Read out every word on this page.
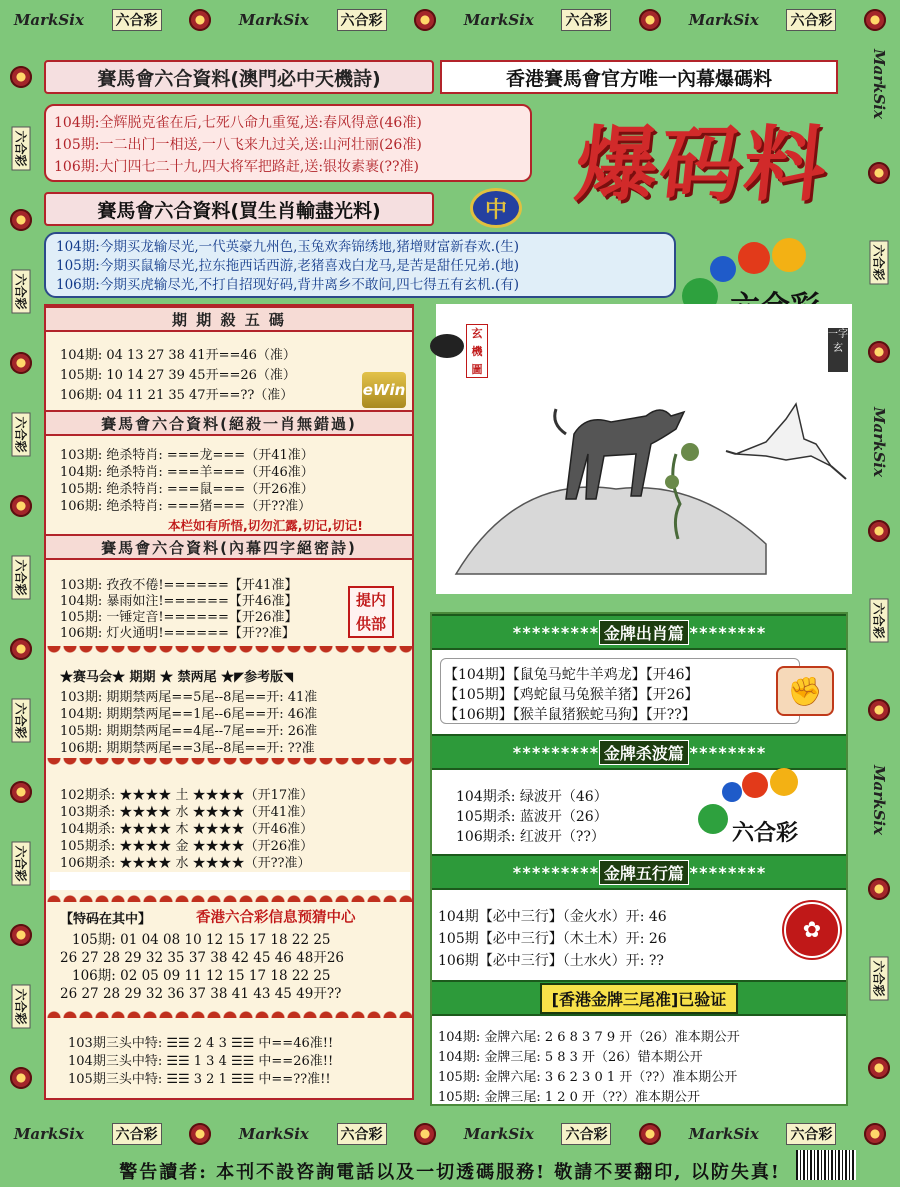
MarkSix 六合彩	MarkSix 六合彩	MarkSix 六合彩	MarkSix 六合彩
MarkSix 六合彩	MarkSix 六合彩	MarkSix 六合彩	MarkSix 六合彩
六合彩
六合彩
六合彩
六合彩
六合彩
六合彩
六合彩
MarkSix
六合彩
MarkSix
六合彩
MarkSix
六合彩
賽馬會六合資料(澳門必中天機詩)	香港賽馬會官方唯一內幕爆碼料
104期:全辉脱克雀在后,七死八命九重冤,送:春风得意(46准)
105期:一二出门一相送,一八飞来九过关,送:山河壮丽(26准)
106期:大门四七二十九,四大将军把路赶,送:银妆素裹(??准)	爆码料
賽馬會六合資料(買生肖輸盡光料)	中
104期:今期买龙输尽光,一代英豪九州色,玉兔欢奔锦绣地,猪增财富新春欢.(生)
105期:今期买鼠输尽光,拉东拖西话西游,老猪喜戏白龙马,是苦是甜任兄弟.(地)
106期:今期买虎输尽光,不打自招现好码,背井离乡不敢问,四七得五有玄机.(有)
期 期 殺 五 碼
104期: 04 13 27 38 41开==46（准）
105期: 10 14 27 39 45开==26（准）
106期: 04 11 21 35 47开==??（准）	eWin
賽馬會六合資料(絕殺一肖無錯過)
103期: 绝杀特肖: ===龙===（开41准）
104期: 绝杀特肖: ===羊===（开46准）
105期: 绝杀特肖: ===鼠===（开26准）
106期: 绝杀特肖: ===猪===（开??准）
本栏如有所悟,切勿汇露,切记,切记!
賽馬會六合資料(內幕四字絕密詩)
103期: 孜孜不倦!======【开41准】
104期: 暴雨如注!======【开46准】
105期: 一锤定音!======【开26准】
106期: 灯火通明!======【开??准】
提内供部
★赛马会★ 期期 ★ 禁两尾 ★◤参考版◥
103期: 期期禁两尾==5尾--8尾==开: 41准
104期: 期期禁两尾==1尾--6尾==开: 46准
105期: 期期禁两尾==4尾--7尾==开: 26准
106期: 期期禁两尾==3尾--8尾==开: ??准
102期杀: ★★★★ 土 ★★★★（开17准）
103期杀: ★★★★ 水 ★★★★（开41准）
104期杀: ★★★★ 木 ★★★★（开46准）
105期杀: ★★★★ 金 ★★★★（开26准）
106期杀: ★★★★ 水 ★★★★（开??准）
【特码在其中】	香港六合彩信息预猜中心
105期: 01 04 08 10 12 15 17 18 22 25
26 27 28 29 32 35 37 38 42 45 46 48开26
106期: 02 05 09 11 12 15 17 18 22 25
26 27 28 29 32 36 37 38 41 43 45 49开??
103期三头中特: ☰☰ 2 4 3 ☰☰ 中==46准!!
104期三头中特: ☰☰ 1 3 4 ☰☰ 中==26准!!
105期三头中特: ☰☰ 3 2 1 ☰☰ 中==??准!!
玄機圖
一字玄
********* 金牌出肖篇 ********
【104期】【鼠兔马蛇牛羊鸡龙】【开46】
【105期】【鸡蛇鼠马兔猴羊猪】【开26】
【106期】【猴羊鼠猪猴蛇马狗】【开??】
✊
********* 金牌杀波篇 ********
104期杀: 绿波开（46）
105期杀: 蓝波开（26）
106期杀: 红波开（??）	六合彩
********* 金牌五行篇 ********
104期【必中三行】（金火水）开: 46
105期【必中三行】（木土木）开: 26
106期【必中三行】（土水火）开: ??
✿
[香港金牌三尾准]已验证
104期: 金牌六尾: 2 6 8 3 7 9 开（26）准本期公开
104期: 金牌三尾: 5 8 3 开（26）错本期公开
105期: 金牌六尾: 3 6 2 3 0 1 开（??）准本期公开
105期: 金牌三尾: 1 2 0 开（??）准本期公开
警告讀者: 本刊不設咨詢電話以及一切透碼服務! 敬請不要翻印, 以防失真!
